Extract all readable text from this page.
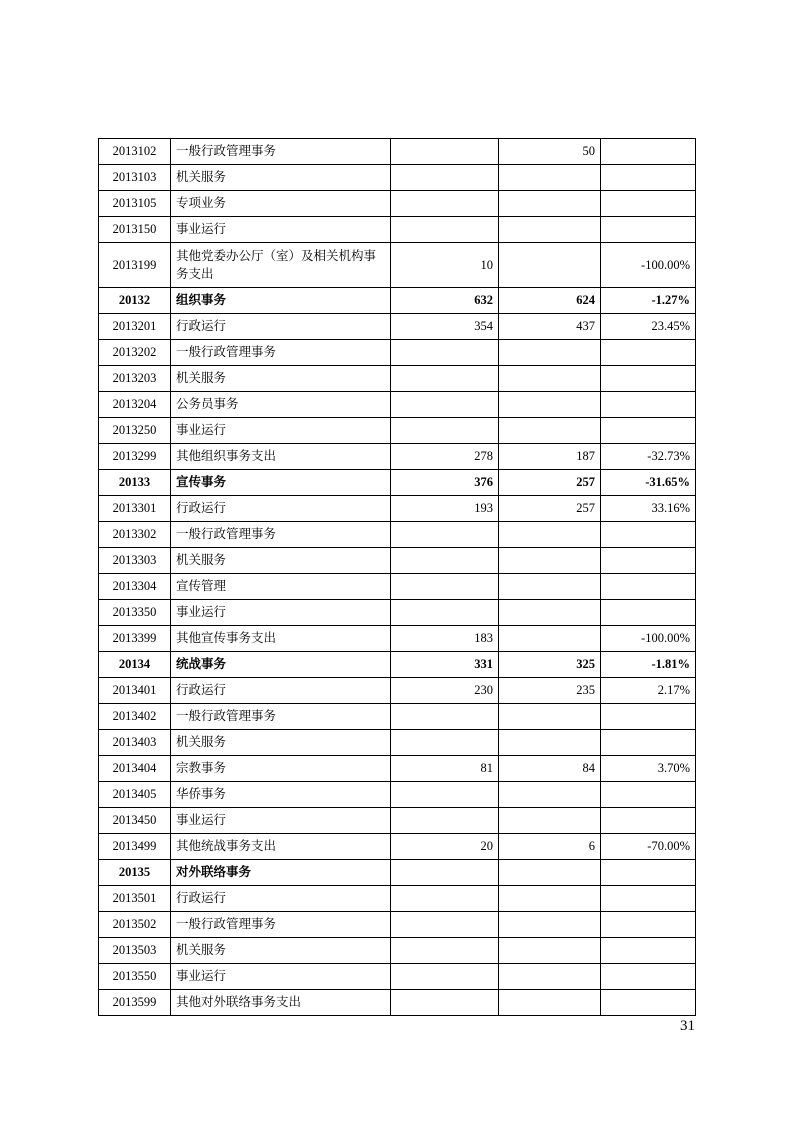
2013102	一般行政管理事务		50	
2013103	机关服务			
2013105	专项业务			
2013150	事业运行			
2013199	其他党委办公厅（室）及相关机构事务支出	10		-100.00%
20132	组织事务	632	624	-1.27%
2013201	行政运行	354	437	23.45%
2013202	一般行政管理事务			
2013203	机关服务			
2013204	公务员事务			
2013250	事业运行			
2013299	其他组织事务支出	278	187	-32.73%
20133	宣传事务	376	257	-31.65%
2013301	行政运行	193	257	33.16%
2013302	一般行政管理事务			
2013303	机关服务			
2013304	宣传管理			
2013350	事业运行			
2013399	其他宣传事务支出	183		-100.00%
20134	统战事务	331	325	-1.81%
2013401	行政运行	230	235	2.17%
2013402	一般行政管理事务			
2013403	机关服务			
2013404	宗教事务	81	84	3.70%
2013405	华侨事务			
2013450	事业运行			
2013499	其他统战事务支出	20	6	-70.00%
20135	对外联络事务			
2013501	行政运行			
2013502	一般行政管理事务			
2013503	机关服务			
2013550	事业运行			
2013599	其他对外联络事务支出			
31
